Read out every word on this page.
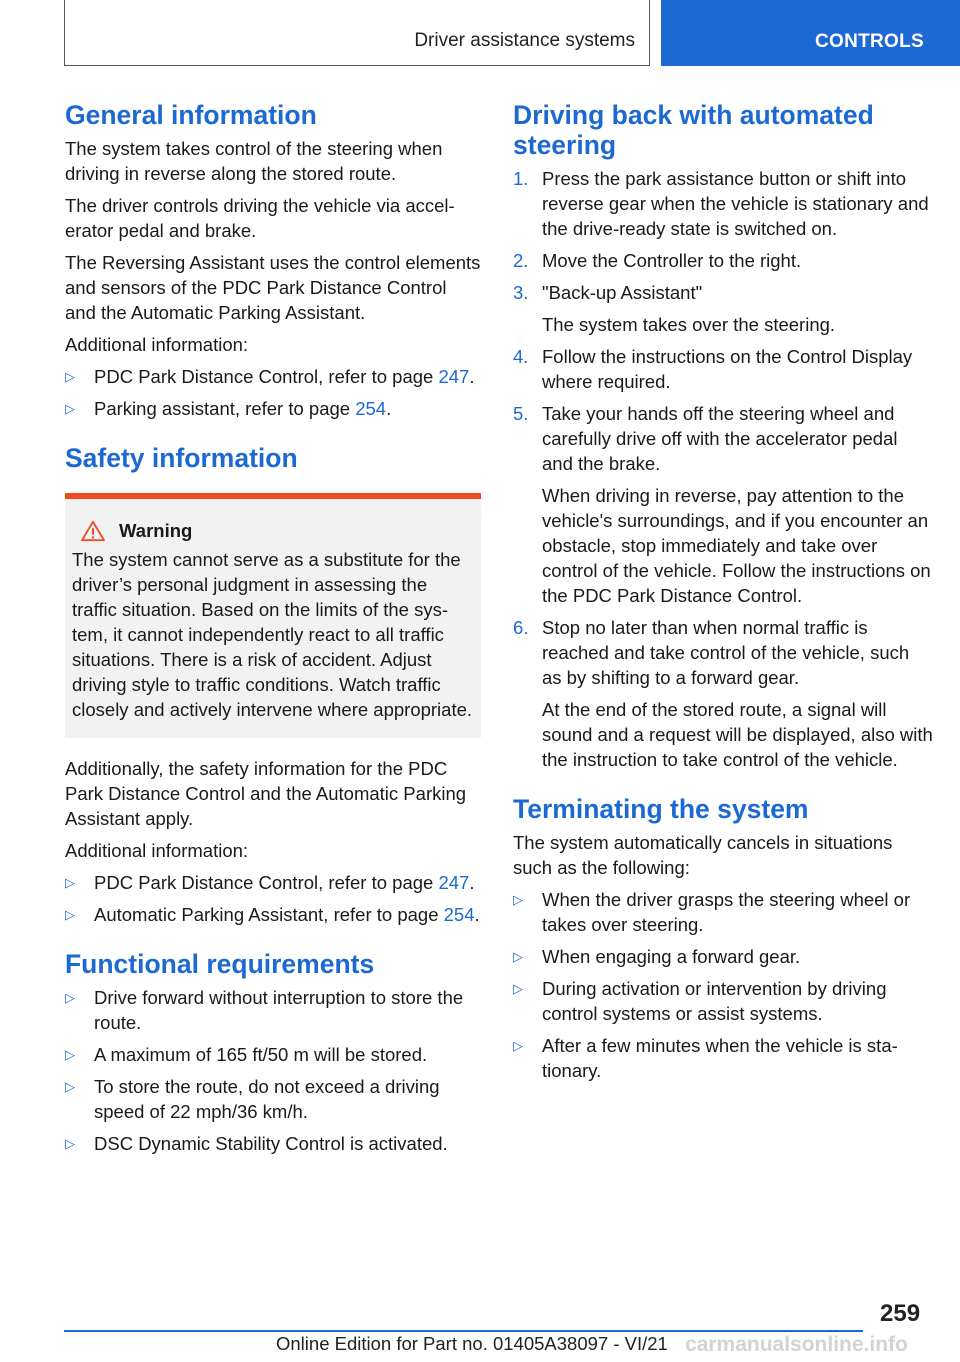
Driver assistance systems	CONTROLS
General information

The system takes control of the steering when driving in reverse along the stored route.

The driver controls driving the vehicle via accelerator pedal and brake.

The Reversing Assistant uses the control elements and sensors of the PDC Park Distance Control and the Automatic Parking Assistant.

Additional information:

▷	PDC Park Distance Control, refer to page 247.
▷	Parking assistant, refer to page 254.
Safety information
Warning

The system cannot serve as a substitute for the driver’s personal judgment in assessing the traffic situation. Based on the limits of the system, it cannot independently react to all traffic situations. There is a risk of accident. Adjust driving style to traffic conditions. Watch traffic closely and actively intervene where appropriate.

Additionally, the safety information for the PDC Park Distance Control and the Automatic Parking Assistant apply.

Additional information:

▷	PDC Park Distance Control, refer to page 247.
▷	Automatic Parking Assistant, refer to page 254.
Functional requirements
▷	Drive forward without interruption to store the route.
▷	A maximum of 165 ft/50 m will be stored.
▷	To store the route, do not exceed a driving speed of 22 mph/36 km/h.
▷	DSC Dynamic Stability Control is activated.
Driving back with automated steering
1. Press the park assistance button or shift into reverse gear when the vehicle is stationary and the drive-ready state is switched on.
2. Move the Controller to the right.
3. "Back-up Assistant"
The system takes over the steering.
4. Follow the instructions on the Control Display where required.
5. Take your hands off the steering wheel and carefully drive off with the accelerator pedal and the brake.
When driving in reverse, pay attention to the vehicle's surroundings, and if you encounter an obstacle, stop immediately and take over control of the vehicle. Follow the instructions on the PDC Park Distance Control.
6. Stop no later than when normal traffic is reached and take control of the vehicle, such as by shifting to a forward gear.
At the end of the stored route, a signal will sound and a request will be displayed, also with the instruction to take control of the vehicle.
Terminating the system

The system automatically cancels in situations such as the following:

▷	When the driver grasps the steering wheel or takes over steering.
▷	When engaging a forward gear.
▷	During activation or intervention by driving control systems or assist systems.
▷	After a few minutes when the vehicle is stationary.
259
Online Edition for Part no. 01405A38097 - VI/21 carmanualsonline.info
